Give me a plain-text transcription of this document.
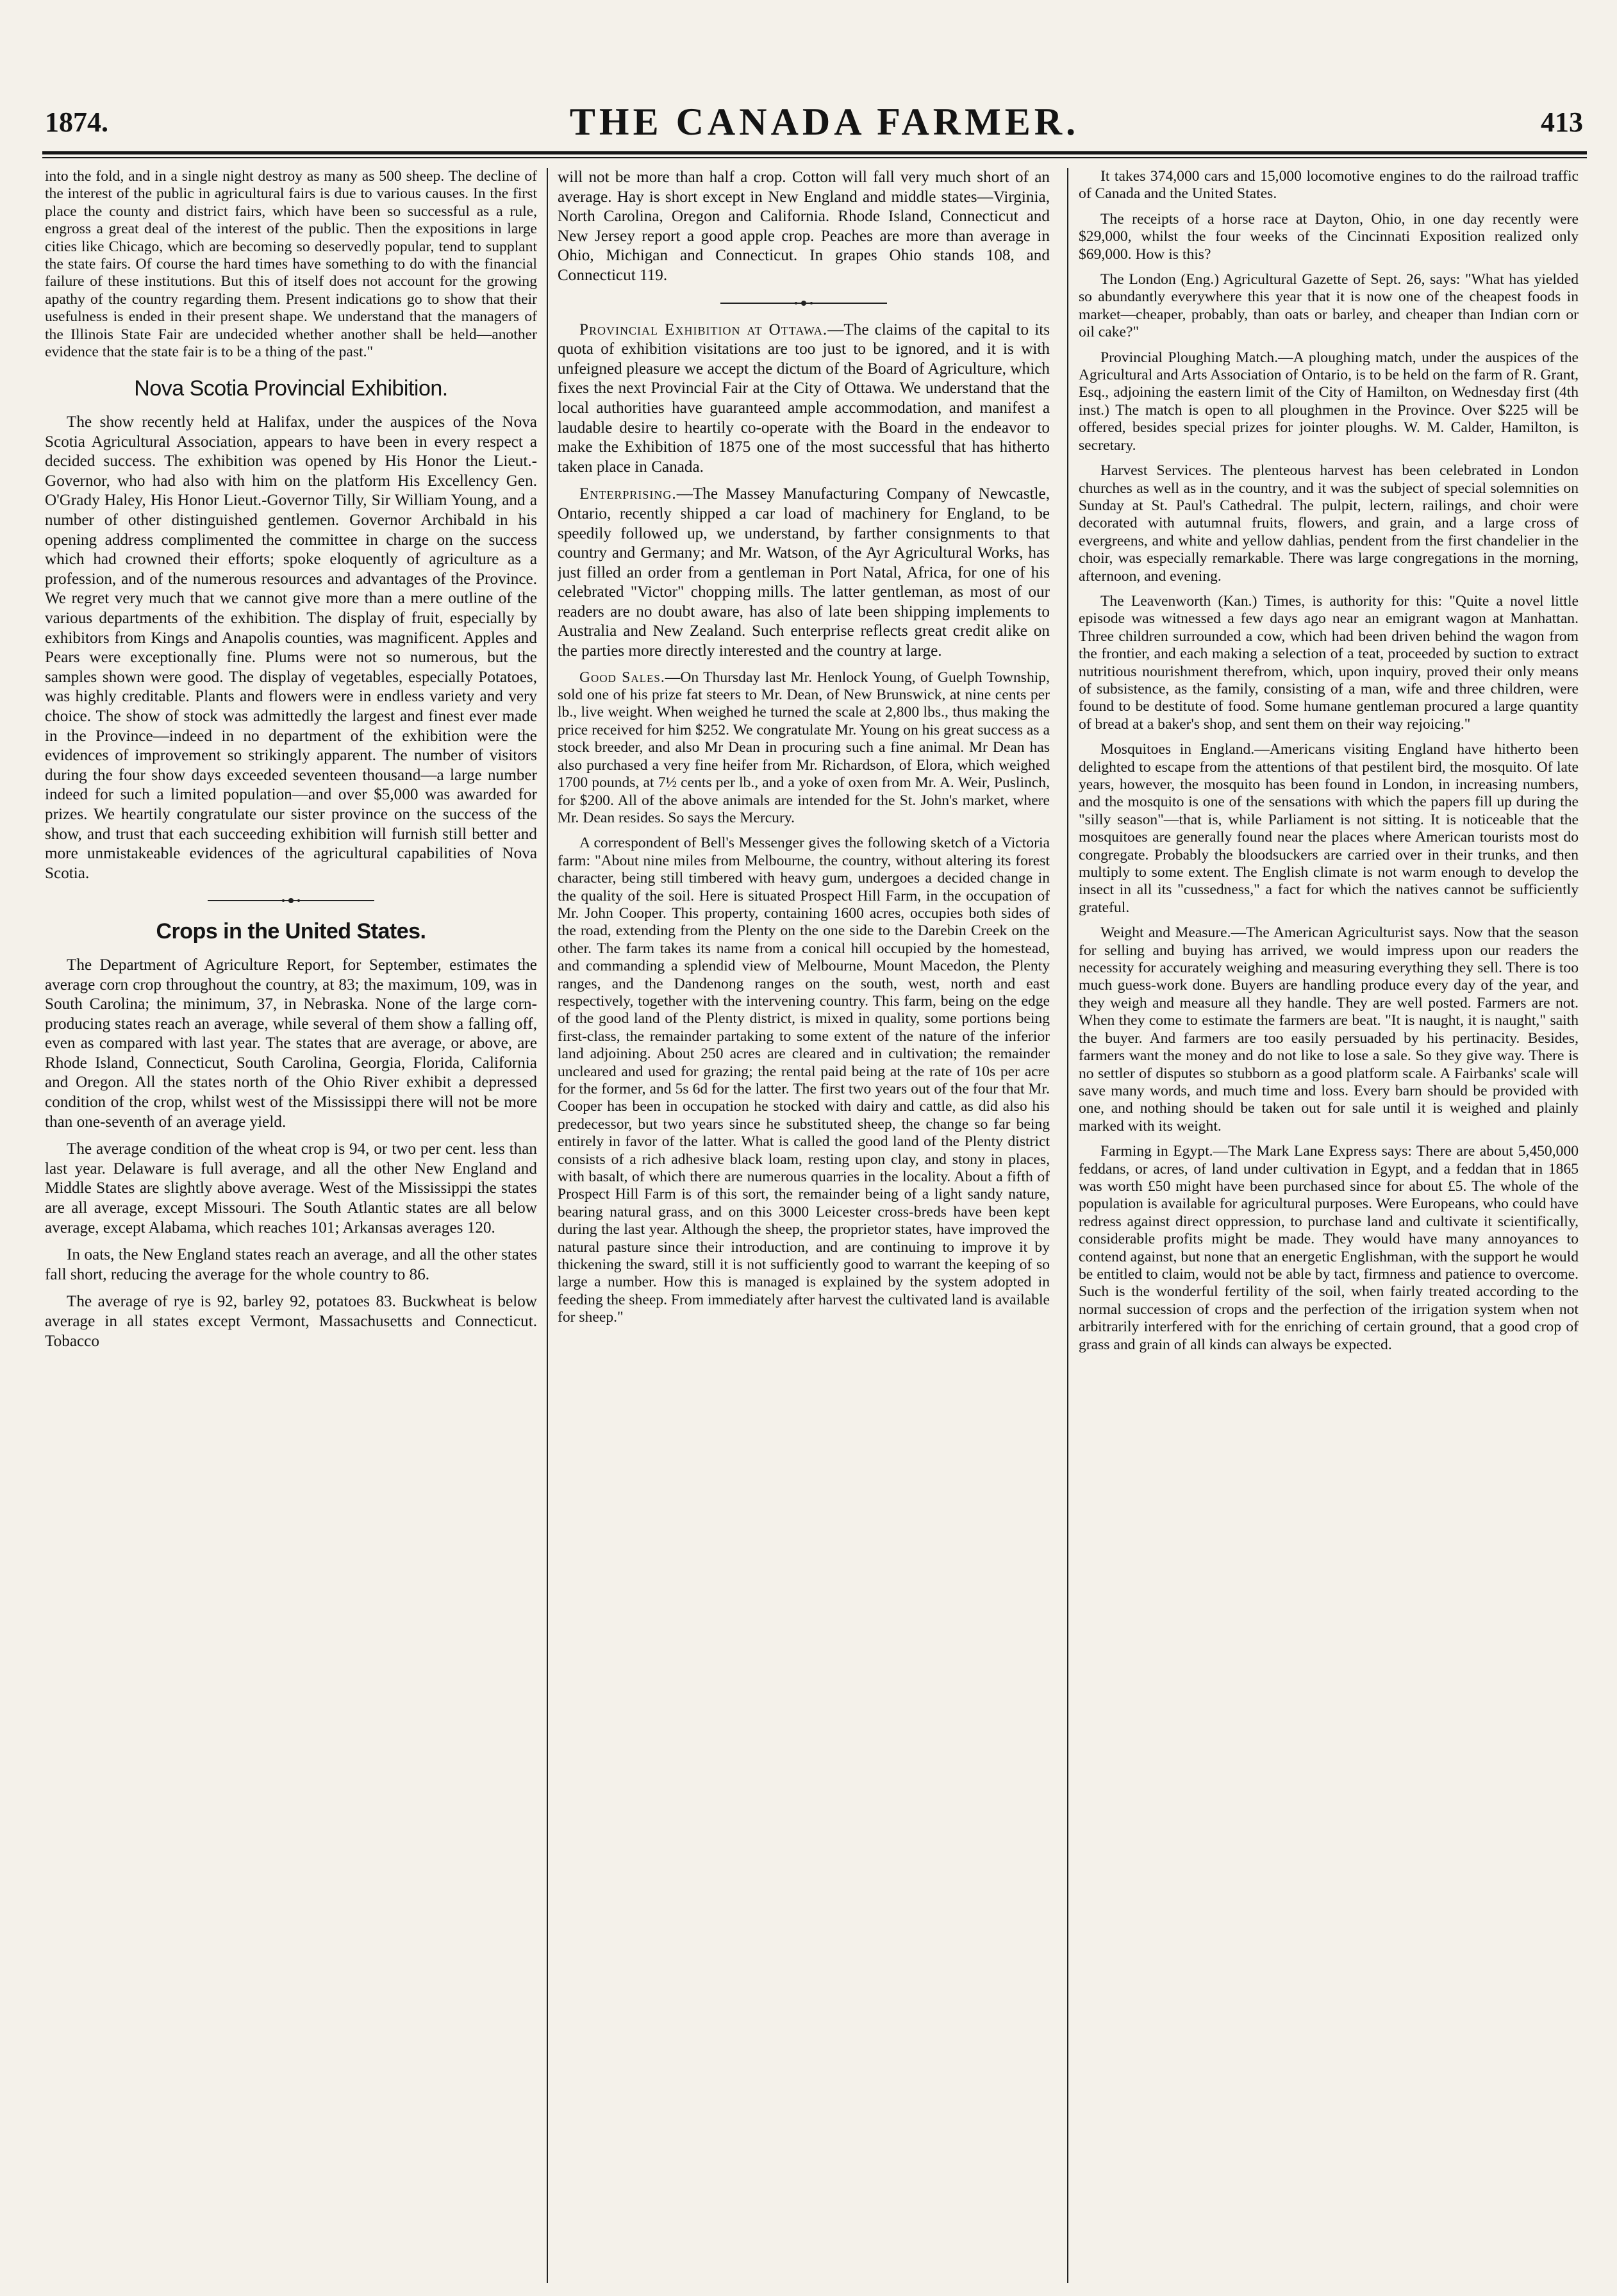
1874.	THE CANADA FARMER.	413

into the fold, and in a single night destroy as many as 500 sheep. The decline of the interest of the public in agricultural fairs is due to various causes. In the first place the county and district fairs, which have been so successful as a rule, engross a great deal of the interest of the public. Then the expositions in large cities like Chicago, which are becoming so deservedly popular, tend to supplant the state fairs. Of course the hard times have something to do with the financial failure of these institutions. But this of itself does not account for the growing apathy of the country regarding them. Present indications go to show that their usefulness is ended in their present shape. We understand that the managers of the Illinois State Fair are undecided whether another shall be held—another evidence that the state fair is to be a thing of the past."

Nova Scotia Provincial Exhibition.

The show recently held at Halifax, under the auspices of the Nova Scotia Agricultural Association, appears to have been in every respect a decided success. The exhibition was opened by His Honor the Lieut.-Governor, who had also with him on the platform His Excellency Gen. O'Grady Haley, His Honor Lieut.-Governor Tilly, Sir William Young, and a number of other distinguished gentlemen. Governor Archibald in his opening address complimented the committee in charge on the success which had crowned their efforts; spoke eloquently of agriculture as a profession, and of the numerous resources and advantages of the Province. We regret very much that we cannot give more than a mere outline of the various departments of the exhibition. The display of fruit, especially by exhibitors from Kings and Anapolis counties, was magnificent. Apples and Pears were exceptionally fine. Plums were not so numerous, but the samples shown were good. The display of vegetables, especially Potatoes, was highly creditable. Plants and flowers were in endless variety and very choice. The show of stock was admittedly the largest and finest ever made in the Province—indeed in no department of the exhibition were the evidences of improvement so strikingly apparent. The number of visitors during the four show days exceeded seventeen thousand—a large number indeed for such a limited population—and over $5,000 was awarded for prizes. We heartily congratulate our sister province on the success of the show, and trust that each succeeding exhibition will furnish still better and more unmistakeable evidences of the agricultural capabilities of Nova Scotia.

Crops in the United States.

The Department of Agriculture Report, for September, estimates the average corn crop throughout the country, at 83; the maximum, 109, was in South Carolina; the minimum, 37, in Nebraska. None of the large corn-producing states reach an average, while several of them show a falling off, even as compared with last year. The states that are average, or above, are Rhode Island, Connecticut, South Carolina, Georgia, Florida, California and Oregon. All the states north of the Ohio River exhibit a depressed condition of the crop, whilst west of the Mississippi there will not be more than one-seventh of an average yield.

The average condition of the wheat crop is 94, or two per cent. less than last year. Delaware is full average, and all the other New England and Middle States are slightly above average. West of the Mississippi the states are all average, except Missouri. The South Atlantic states are all below average, except Alabama, which reaches 101; Arkansas averages 120.

In oats, the New England states reach an average, and all the other states fall short, reducing the average for the whole country to 86.

The average of rye is 92, barley 92, potatoes 83. Buckwheat is below average in all states except Vermont, Massachusetts and Connecticut. Tobacco

will not be more than half a crop. Cotton will fall very much short of an average. Hay is short except in New England and middle states—Virginia, North Carolina, Oregon and California. Rhode Island, Connecticut and New Jersey report a good apple crop. Peaches are more than average in Ohio, Michigan and Connecticut. In grapes Ohio stands 108, and Connecticut 119.

Provincial Exhibition at Ottawa.—The claims of the capital to its quota of exhibition visitations are too just to be ignored, and it is with unfeigned pleasure we accept the dictum of the Board of Agriculture, which fixes the next Provincial Fair at the City of Ottawa. We understand that the local authorities have guaranteed ample accommodation, and manifest a laudable desire to heartily co-operate with the Board in the endeavor to make the Exhibition of 1875 one of the most successful that has hitherto taken place in Canada.

Enterprising.—The Massey Manufacturing Company of Newcastle, Ontario, recently shipped a car load of machinery for England, to be speedily followed up, we understand, by farther consignments to that country and Germany; and Mr. Watson, of the Ayr Agricultural Works, has just filled an order from a gentleman in Port Natal, Africa, for one of his celebrated "Victor" chopping mills. The latter gentleman, as most of our readers are no doubt aware, has also of late been shipping implements to Australia and New Zealand. Such enterprise reflects great credit alike on the parties more directly interested and the country at large.

Good Sales.—On Thursday last Mr. Henlock Young, of Guelph Township, sold one of his prize fat steers to Mr. Dean, of New Brunswick, at nine cents per lb., live weight. When weighed he turned the scale at 2,800 lbs., thus making the price received for him $252. We congratulate Mr. Young on his great success as a stock breeder, and also Mr Dean in procuring such a fine animal. Mr Dean has also purchased a very fine heifer from Mr. Richardson, of Elora, which weighed 1700 pounds, at 7½ cents per lb., and a yoke of oxen from Mr. A. Weir, Puslinch, for $200. All of the above animals are intended for the St. John's market, where Mr. Dean resides. So says the Mercury.

A correspondent of Bell's Messenger gives the following sketch of a Victoria farm: "About nine miles from Melbourne, the country, without altering its forest character, being still timbered with heavy gum, undergoes a decided change in the quality of the soil. Here is situated Prospect Hill Farm, in the occupation of Mr. John Cooper. This property, containing 1600 acres, occupies both sides of the road, extending from the Plenty on the one side to the Darebin Creek on the other. The farm takes its name from a conical hill occupied by the homestead, and commanding a splendid view of Melbourne, Mount Macedon, the Plenty ranges, and the Dandenong ranges on the south, west, north and east respectively, together with the intervening country. This farm, being on the edge of the good land of the Plenty district, is mixed in quality, some portions being first-class, the remainder partaking to some extent of the nature of the inferior land adjoining. About 250 acres are cleared and in cultivation; the remainder uncleared and used for grazing; the rental paid being at the rate of 10s per acre for the former, and 5s 6d for the latter. The first two years out of the four that Mr. Cooper has been in occupation he stocked with dairy and cattle, as did also his predecessor, but two years since he substituted sheep, the change so far being entirely in favor of the latter. What is called the good land of the Plenty district consists of a rich adhesive black loam, resting upon clay, and stony in places, with basalt, of which there are numerous quarries in the locality. About a fifth of Prospect Hill Farm is of this sort, the remainder being of a light sandy nature, bearing natural grass, and on this 3000 Leicester cross-breds have been kept during the last year. Although the sheep, the proprietor states, have improved the natural pasture since their introduction, and are continuing to improve it by thickening the sward, still it is not sufficiently good to warrant the keeping of so large a number. How this is managed is explained by the system adopted in feeding the sheep. From immediately after harvest the cultivated land is available for sheep."

It takes 374,000 cars and 15,000 locomotive engines to do the railroad traffic of Canada and the United States.

The receipts of a horse race at Dayton, Ohio, in one day recently were $29,000, whilst the four weeks of the Cincinnati Exposition realized only $69,000. How is this?

The London (Eng.) Agricultural Gazette of Sept. 26, says: "What has yielded so abundantly everywhere this year that it is now one of the cheapest foods in market—cheaper, probably, than oats or barley, and cheaper than Indian corn or oil cake?"

Provincial Ploughing Match.—A ploughing match, under the auspices of the Agricultural and Arts Association of Ontario, is to be held on the farm of R. Grant, Esq., adjoining the eastern limit of the City of Hamilton, on Wednesday first (4th inst.) The match is open to all ploughmen in the Province. Over $225 will be offered, besides special prizes for jointer ploughs. W. M. Calder, Hamilton, is secretary.

Harvest Services. The plenteous harvest has been celebrated in London churches as well as in the country, and it was the subject of special solemnities on Sunday at St. Paul's Cathedral. The pulpit, lectern, railings, and choir were decorated with autumnal fruits, flowers, and grain, and a large cross of evergreens, and white and yellow dahlias, pendent from the first chandelier in the choir, was especially remarkable. There was large congregations in the morning, afternoon, and evening.

The Leavenworth (Kan.) Times, is authority for this: "Quite a novel little episode was witnessed a few days ago near an emigrant wagon at Manhattan. Three children surrounded a cow, which had been driven behind the wagon from the frontier, and each making a selection of a teat, proceeded by suction to extract nutritious nourishment therefrom, which, upon inquiry, proved their only means of subsistence, as the family, consisting of a man, wife and three children, were found to be destitute of food. Some humane gentleman procured a large quantity of bread at a baker's shop, and sent them on their way rejoicing."

Mosquitoes in England.—Americans visiting England have hitherto been delighted to escape from the attentions of that pestilent bird, the mosquito. Of late years, however, the mosquito has been found in London, in increasing numbers, and the mosquito is one of the sensations with which the papers fill up during the "silly season"—that is, while Parliament is not sitting. It is noticeable that the mosquitoes are generally found near the places where American tourists most do congregate. Probably the bloodsuckers are carried over in their trunks, and then multiply to some extent. The English climate is not warm enough to develop the insect in all its "cussedness," a fact for which the natives cannot be sufficiently grateful.

Weight and Measure.—The American Agriculturist says. Now that the season for selling and buying has arrived, we would impress upon our readers the necessity for accurately weighing and measuring everything they sell. There is too much guess-work done. Buyers are handling produce every day of the year, and they weigh and measure all they handle. They are well posted. Farmers are not. When they come to estimate the farmers are beat. "It is naught, it is naught," saith the buyer. And farmers are too easily persuaded by his pertinacity. Besides, farmers want the money and do not like to lose a sale. So they give way. There is no settler of disputes so stubborn as a good platform scale. A Fairbanks' scale will save many words, and much time and loss. Every barn should be provided with one, and nothing should be taken out for sale until it is weighed and plainly marked with its weight.

Farming in Egypt.—The Mark Lane Express says: There are about 5,450,000 feddans, or acres, of land under cultivation in Egypt, and a feddan that in 1865 was worth £50 might have been purchased since for about £5. The whole of the population is available for agricultural purposes. Were Europeans, who could have redress against direct oppression, to purchase land and cultivate it scientifically, considerable profits might be made. They would have many annoyances to contend against, but none that an energetic Englishman, with the support he would be entitled to claim, would not be able by tact, firmness and patience to overcome. Such is the wonderful fertility of the soil, when fairly treated according to the normal succession of crops and the perfection of the irrigation system when not arbitrarily interfered with for the enriching of certain ground, that a good crop of grass and grain of all kinds can always be expected.
